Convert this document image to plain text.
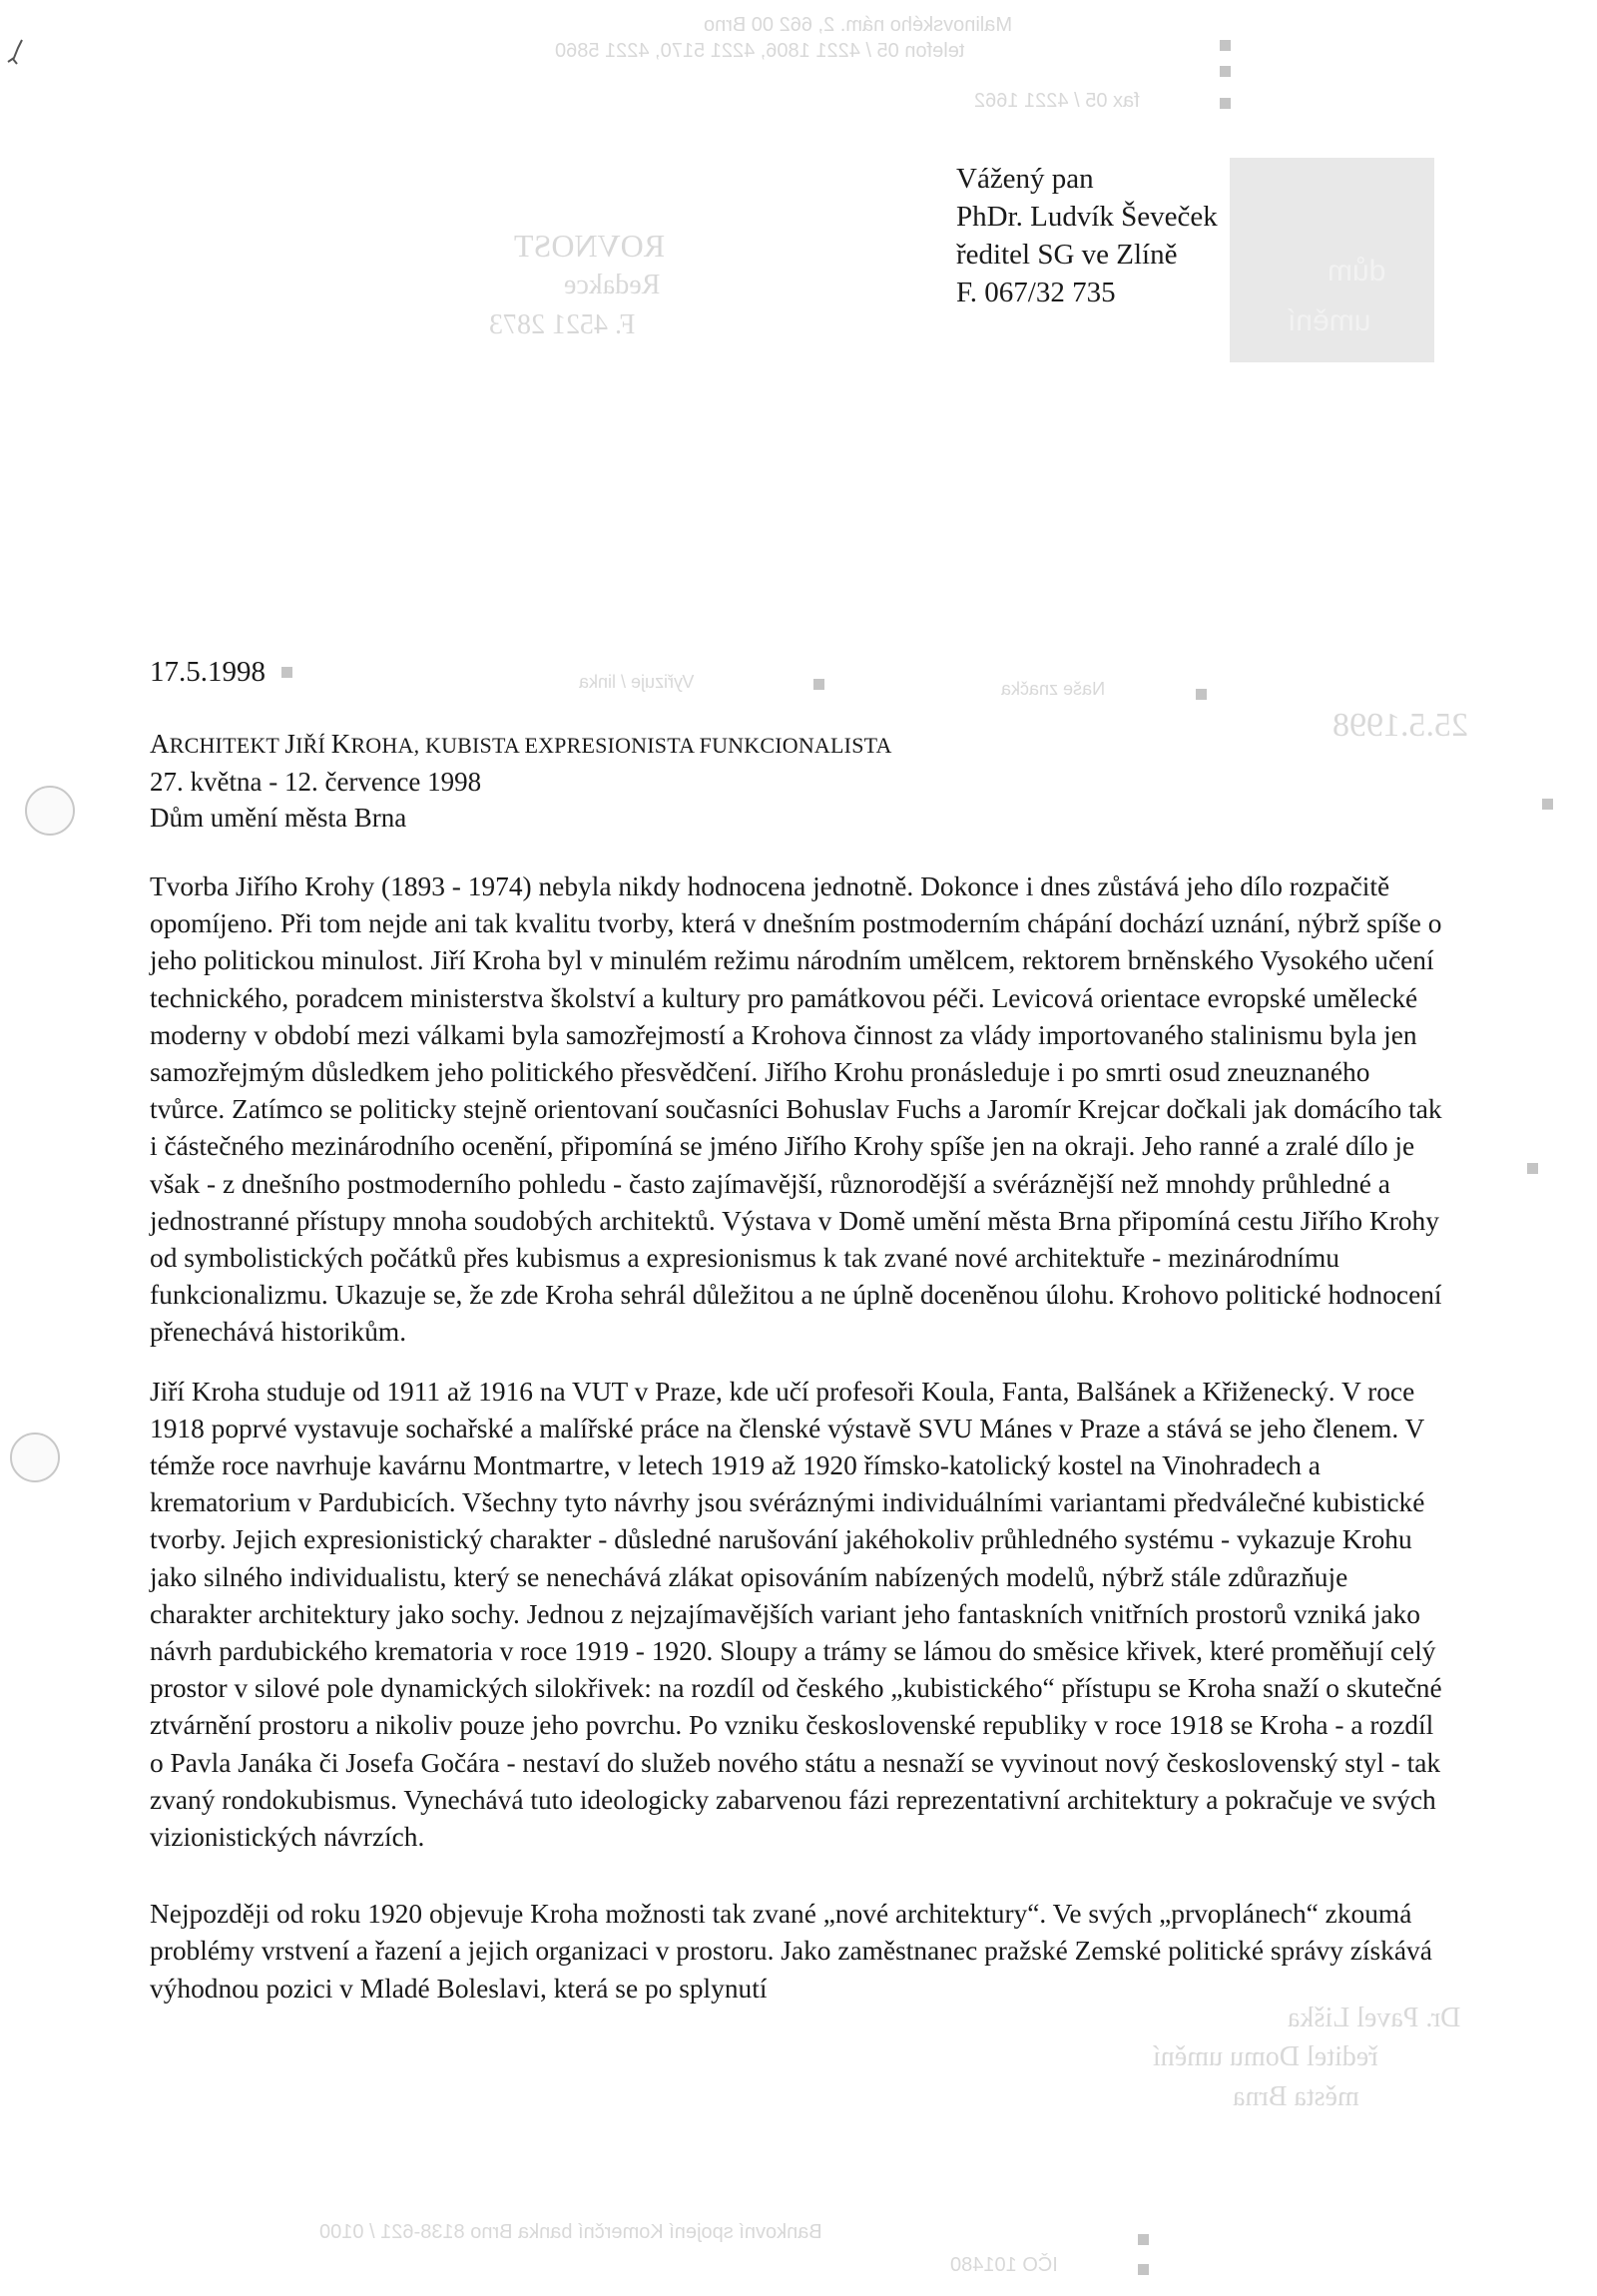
Malinovského nám. 2, 662 00 Brno
telefon 05 / 4221 1806, 4221 5170, 4221 5860
fax 05 / 4221 1662
dům
umění
ROVNOST
Redakce
F. 4521 2873
Vyřizuje / linka	Naše značka
25.5.1998
Dr. Pavel Liška
ředitel Domu umění
města Brna
Bankovní spojení Komerční banka Brno 8138-621 / 0100
IČO 101480
Vážený pan
PhDr. Ludvík Ševeček
ředitel SG ve Zlíně
F. 067/32 735
17.5.1998
ARCHITEKT JIŘÍ KROHA, KUBISTA EXPRESIONISTA FUNKCIONALISTA
27. května - 12. července 1998
Dům umění města Brna

Tvorba Jiřího Krohy (1893 - 1974) nebyla nikdy hodnocena jednotně. Dokonce i dnes zůstává jeho dílo rozpačitě opomíjeno. Při tom nejde ani tak kvalitu tvorby, která v dnešním postmoderním chápání dochází uznání, nýbrž spíše o jeho politickou minulost. Jiří Kroha byl v minulém režimu národním umělcem, rektorem brněnského Vysokého učení technického, poradcem ministerstva školství a kultury pro památkovou péči. Levicová orientace evropské umělecké moderny v období mezi válkami byla samozřejmostí a Krohova činnost za vlády importovaného stalinismu byla jen samozřejmým důsledkem jeho politického přesvědčení. Jiřího Krohu pronásleduje i po smrti osud zneuznaného tvůrce. Zatímco se politicky stejně orientovaní současníci Bohuslav Fuchs a Jaromír Krejcar dočkali jak domácího tak i částečného mezinárodního ocenění, připomíná se jméno Jiřího Krohy spíše jen na okraji. Jeho ranné a zralé dílo je však - z dnešního postmoderního pohledu - často zajímavější, různorodější a svéráznější než mnohdy průhledné a jednostranné přístupy mnoha soudobých architektů. Výstava v Domě umění města Brna připomíná cestu Jiřího Krohy od symbolistických počátků přes kubismus a expresionismus k tak zvané nové architektuře - mezinárodnímu funkcionalizmu. Ukazuje se, že zde Kroha sehrál důležitou a ne úplně doceněnou úlohu. Krohovo politické hodnocení přenechává historikům.

Jiří Kroha studuje od 1911 až 1916 na VUT v Praze, kde učí profesoři Koula, Fanta, Balšánek a Křiženecký. V roce 1918 poprvé vystavuje sochařské a malířské práce na členské výstavě SVU Mánes v Praze a stává se jeho členem. V témže roce navrhuje kavárnu Montmartre, v letech 1919 až 1920 římsko-katolický kostel na Vinohradech a krematorium v Pardubicích. Všechny tyto návrhy jsou svéráznými individuálními variantami předválečné kubistické tvorby. Jejich expresionistický charakter - důsledné narušování jakéhokoliv průhledného systému - vykazuje Krohu jako silného individualistu, který se nenechává zlákat opisováním nabízených modelů, nýbrž stále zdůrazňuje charakter architektury jako sochy. Jednou z nejzajímavějších variant jeho fantaskních vnitřních prostorů vzniká jako návrh pardubického krematoria v roce 1919 - 1920. Sloupy a trámy se lámou do směsice křivek, které proměňují celý prostor v silové pole dynamických silokřivek: na rozdíl od českého „kubistického“ přístupu se Kroha snaží o skutečné ztvárnění prostoru a nikoliv pouze jeho povrchu. Po vzniku československé republiky v roce 1918 se Kroha - a rozdíl o Pavla Janáka či Josefa Gočára - nestaví do služeb nového státu a nesnaží se vyvinout nový československý styl - tak zvaný rondokubismus. Vynechává tuto ideologicky zabarvenou fázi reprezentativní architektury a pokračuje ve svých vizionistických návrzích.

Nejpozději od roku 1920 objevuje Kroha možnosti tak zvané „nové architektury“. Ve svých „prvoplánech“ zkoumá problémy vrstvení a řazení a jejich organizaci v prostoru. Jako zaměstnanec pražské Zemské politické správy získává výhodnou pozici v Mladé Boleslavi, která se po splynutí
